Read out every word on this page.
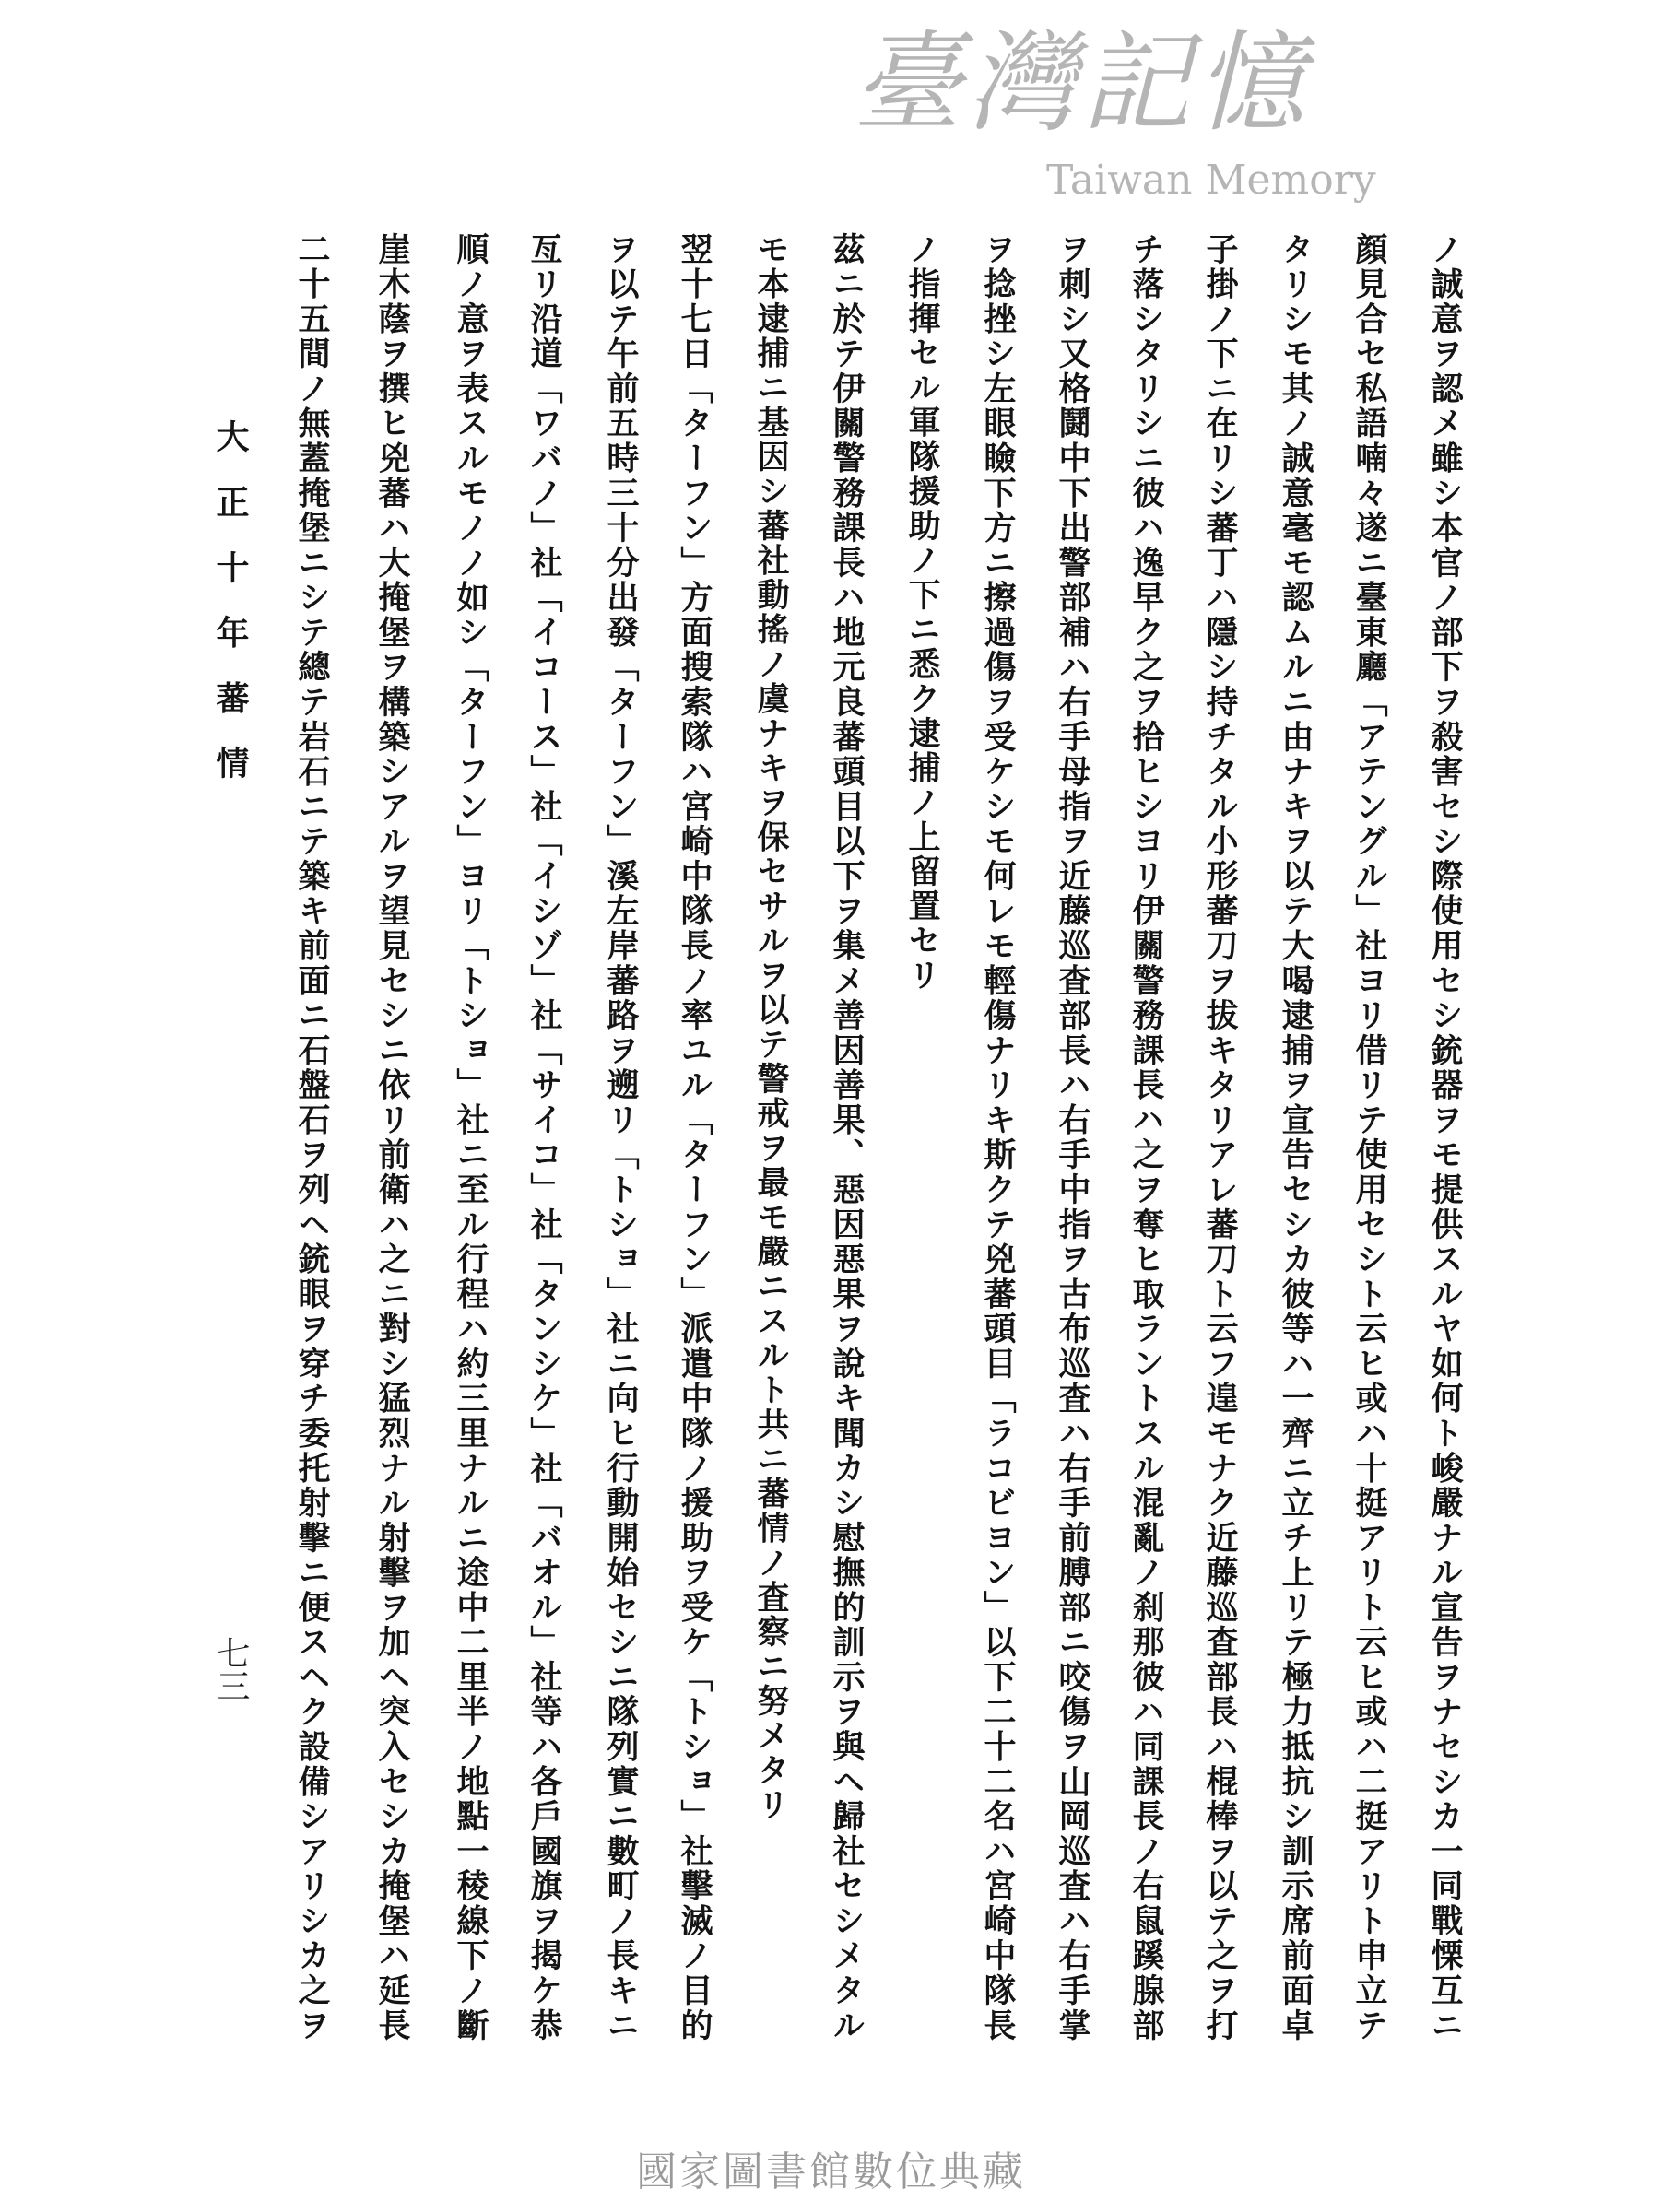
ノ誠意ヲ認メ雖シ本官ノ部下ヲ殺害セシ際使用セシ銃器ヲモ提供スルヤ如何ト峻嚴ナル宣告ヲナセシカ一同戰慄互ニ
顔見合セ私語喃々遂ニ臺東廳「アテングル」社ヨリ借リテ使用セシト云ヒ或ハ十挺アリト云ヒ或ハ二挺アリト申立テ
タリシモ其ノ誠意毫モ認ムルニ由ナキヲ以テ大喝逮捕ヲ宣告セシカ彼等ハ一齊ニ立チ上リテ極力抵抗シ訓示席前面卓
子掛ノ下ニ在リシ蕃丁ハ隱シ持チタル小形蕃刀ヲ拔キタリアレ蕃刀ト云フ遑モナク近藤巡査部長ハ棍棒ヲ以テ之ヲ打
チ落シタリシニ彼ハ逸早ク之ヲ拾ヒシヨリ伊關警務課長ハ之ヲ奪ヒ取ラントスル混亂ノ刹那彼ハ同課長ノ右鼠蹊腺部
ヲ刺シ又格鬪中下出警部補ハ右手母指ヲ近藤巡査部長ハ右手中指ヲ古布巡査ハ右手前膊部ニ咬傷ヲ山岡巡査ハ右手掌
ヲ捻挫シ左眼瞼下方ニ擦過傷ヲ受ケシモ何レモ輕傷ナリキ斯クテ兇蕃頭目「ラコビヨン」以下二十二名ハ宮崎中隊長
ノ指揮セル軍隊援助ノ下ニ悉ク逮捕ノ上留置セリ
茲ニ於テ伊關警務課長ハ地元良蕃頭目以下ヲ集メ善因善果、惡因惡果ヲ說キ聞カシ慰撫的訓示ヲ與ヘ歸社セシメタル
モ本逮捕ニ基因シ蕃社動搖ノ虞ナキヲ保セサルヲ以テ警戒ヲ最モ嚴ニスルト共ニ蕃情ノ査察ニ努メタリ
翌十七日「ターフン」方面搜索隊ハ宮崎中隊長ノ率ユル「ターフン」派遣中隊ノ援助ヲ受ケ「トショ」社擊滅ノ目的
ヲ以テ午前五時三十分出發「ターフン」溪左岸蕃路ヲ遡リ「トショ」社ニ向ヒ行動開始セシニ隊列實ニ數町ノ長キニ
亙リ沿道「ワバノ」社「イコース」社「イシゾ」社「サイコ」社「タンシケ」社「バオル」社等ハ各戶國旗ヲ揭ケ恭
順ノ意ヲ表スルモノノ如シ「ターフン」ヨリ「トショ」社ニ至ル行程ハ約三里ナルニ途中二里半ノ地點一稜線下ノ斷
崖木蔭ヲ撰ヒ兇蕃ハ大掩堡ヲ構築シアルヲ望見セシニ依リ前衛ハ之ニ對シ猛烈ナル射擊ヲ加ヘ突入セシカ掩堡ハ延長
二十五間ノ無蓋掩堡ニシテ總テ岩石ニテ築キ前面ニ石盤石ヲ列ヘ銃眼ヲ穿チ委托射擊ニ便スヘク設備シアリシカ之ヲ
大正十年蕃情
七三
臺灣記憶
Taiwan Memory
國家圖書館數位典藏
